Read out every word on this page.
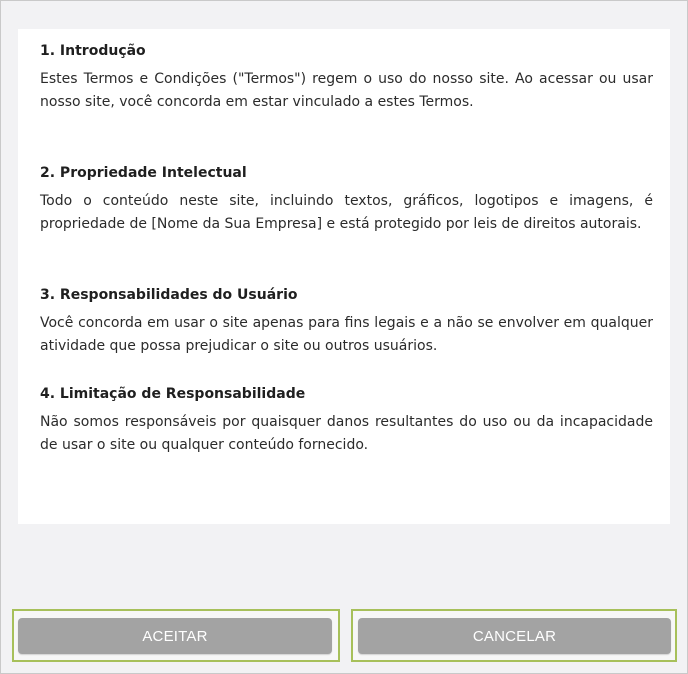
1. Introdução

Estes Termos e Condições ("Termos") regem o uso do nosso site. Ao acessar ou usar nosso site, você concorda em estar vinculado a estes Termos.

2. Propriedade Intelectual

Todo o conteúdo neste site, incluindo textos, gráficos, logotipos e imagens, é propriedade de [Nome da Sua Empresa] e está protegido por leis de direitos autorais.

3. Responsabilidades do Usuário

Você concorda em usar o site apenas para fins legais e a não se envolver em qualquer atividade que possa prejudicar o site ou outros usuários.

4. Limitação de Responsabilidade

Não somos responsáveis por quaisquer danos resultantes do uso ou da incapacidade de usar o site ou qualquer conteúdo fornecido.

ACEITAR	CANCELAR
